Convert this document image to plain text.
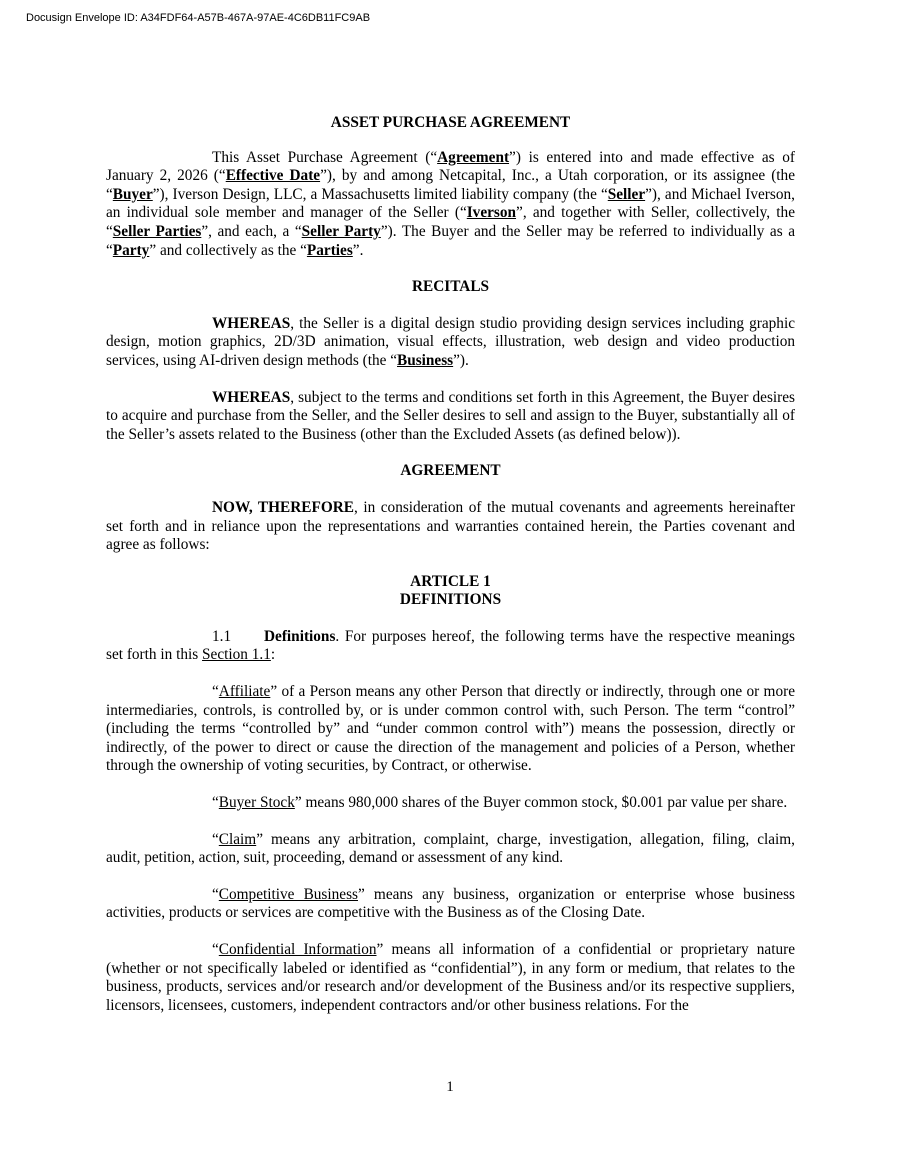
Docusign Envelope ID: A34FDF64-A57B-467A-97AE-4C6DB11FC9AB
ASSET PURCHASE AGREEMENT

This Asset Purchase Agreement (“Agreement”) is entered into and made effective as of January 2, 2026 (“Effective Date”), by and among Netcapital, Inc., a Utah corporation, or its assignee (the “Buyer”), Iverson Design, LLC, a Massachusetts limited liability company (the “Seller”), and Michael Iverson, an individual sole member and manager of the Seller (“Iverson”, and together with Seller, collectively, the “Seller Parties”, and each, a “Seller Party”). The Buyer and the Seller may be referred to individually as a “Party” and collectively as the “Parties”.

RECITALS

WHEREAS, the Seller is a digital design studio providing design services including graphic design, motion graphics, 2D/3D animation, visual effects, illustration, web design and video production services, using AI-driven design methods (the “Business”).

WHEREAS, subject to the terms and conditions set forth in this Agreement, the Buyer desires to acquire and purchase from the Seller, and the Seller desires to sell and assign to the Buyer, substantially all of the Seller’s assets related to the Business (other than the Excluded Assets (as defined below)).

AGREEMENT

NOW, THEREFORE, in consideration of the mutual covenants and agreements hereinafter set forth and in reliance upon the representations and warranties contained herein, the Parties covenant and agree as follows:

ARTICLE 1
DEFINITIONS

1.1 Definitions. For purposes hereof, the following terms have the respective meanings set forth in this Section 1.1:

“Affiliate” of a Person means any other Person that directly or indirectly, through one or more intermediaries, controls, is controlled by, or is under common control with, such Person. The term “control” (including the terms “controlled by” and “under common control with”) means the possession, directly or indirectly, of the power to direct or cause the direction of the management and policies of a Person, whether through the ownership of voting securities, by Contract, or otherwise.

“Buyer Stock” means 980,000 shares of the Buyer common stock, $0.001 par value per share.

“Claim” means any arbitration, complaint, charge, investigation, allegation, filing, claim, audit, petition, action, suit, proceeding, demand or assessment of any kind.

“Competitive Business” means any business, organization or enterprise whose business activities, products or services are competitive with the Business as of the Closing Date.

“Confidential Information” means all information of a confidential or proprietary nature (whether or not specifically labeled or identified as “confidential”), in any form or medium, that relates to the business, products, services and/or research and/or development of the Business and/or its respective suppliers, licensors, licensees, customers, independent contractors and/or other business relations. For the

1
